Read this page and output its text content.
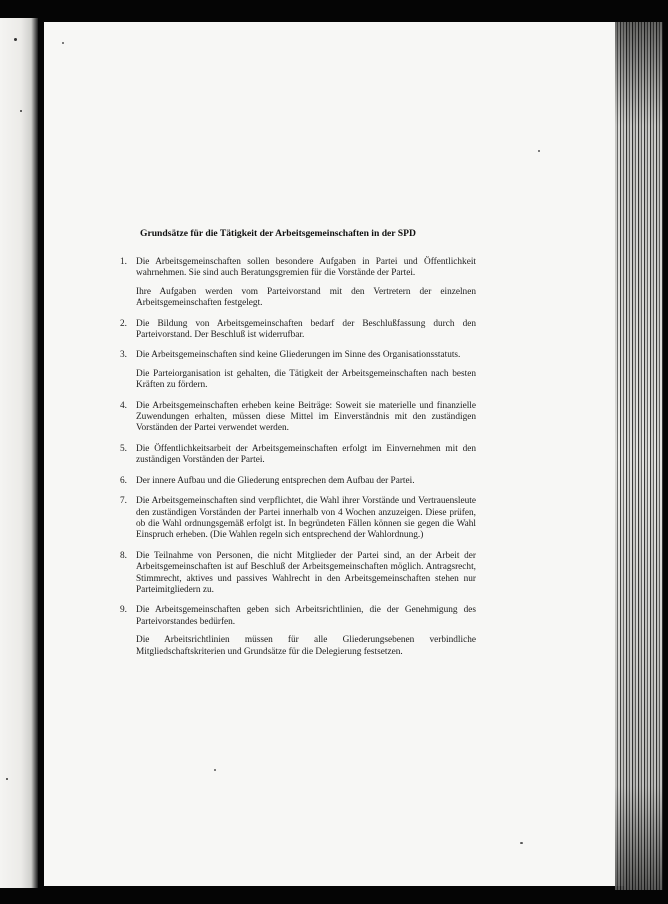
Grundsätze für die Tätigkeit der Arbeitsgemeinschaften in der SPD
1. Die Arbeitsgemeinschaften sollen besondere Aufgaben in Partei und Öffentlichkeit wahrnehmen. Sie sind auch Beratungsgremien für die Vorstände der Partei.

Ihre Aufgaben werden vom Parteivorstand mit den Vertretern der einzelnen Arbeitsgemeinschaften festgelegt.

2. Die Bildung von Arbeitsgemeinschaften bedarf der Beschlußfassung durch den Parteivorstand. Der Beschluß ist widerrufbar.

3. Die Arbeitsgemeinschaften sind keine Gliederungen im Sinne des Organisationsstatuts.

Die Parteiorganisation ist gehalten, die Tätigkeit der Arbeitsgemeinschaften nach besten Kräften zu fördern.

4. Die Arbeitsgemeinschaften erheben keine Beiträge: Soweit sie materielle und finanzielle Zuwendungen erhalten, müssen diese Mittel im Einverständnis mit den zuständigen Vorständen der Partei verwendet werden.

5. Die Öffentlichkeitsarbeit der Arbeitsgemeinschaften erfolgt im Einvernehmen mit den zuständigen Vorständen der Partei.

6. Der innere Aufbau und die Gliederung entsprechen dem Aufbau der Partei.

7. Die Arbeitsgemeinschaften sind verpflichtet, die Wahl ihrer Vorstände und Vertrauensleute den zuständigen Vorständen der Partei innerhalb von 4 Wochen anzuzeigen. Diese prüfen, ob die Wahl ordnungsgemäß erfolgt ist. In begründeten Fällen können sie gegen die Wahl Einspruch erheben. (Die Wahlen regeln sich entsprechend der Wahlordnung.)

8. Die Teilnahme von Personen, die nicht Mitglieder der Partei sind, an der Arbeit der Arbeitsgemeinschaften ist auf Beschluß der Arbeitsgemeinschaften möglich. Antragsrecht, Stimmrecht, aktives und passives Wahlrecht in den Arbeitsgemeinschaften stehen nur Parteimitgliedern zu.

9. Die Arbeitsgemeinschaften geben sich Arbeitsrichtlinien, die der Genehmigung des Parteivorstandes bedürfen.

Die Arbeitsrichtlinien müssen für alle Gliederungsebenen verbindliche Mitgliedschaftskriterien und Grundsätze für die Delegierung festsetzen.
